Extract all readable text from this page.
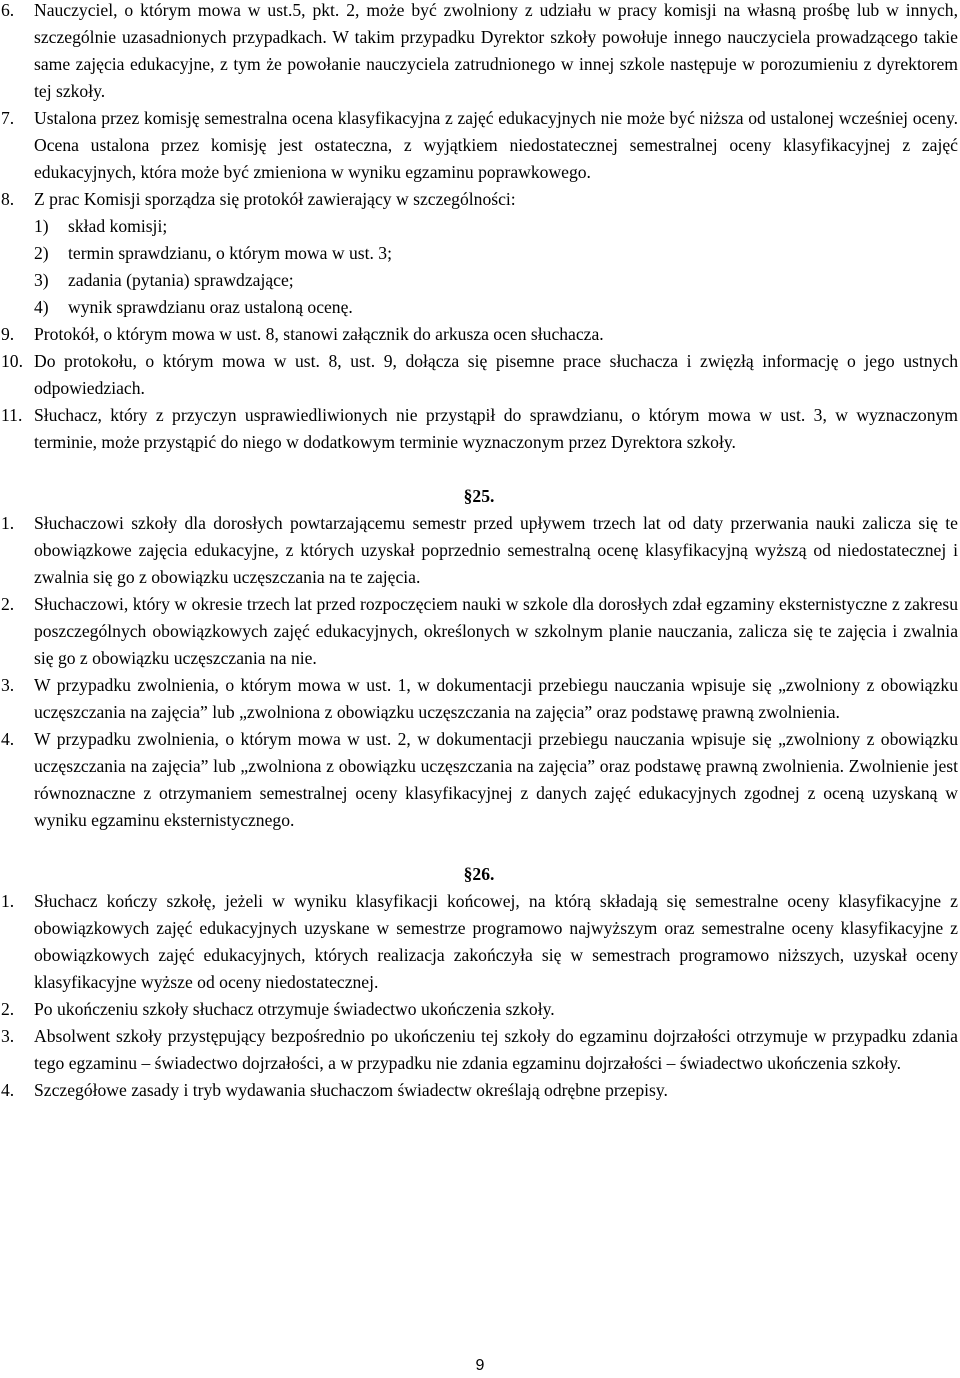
6.	Nauczyciel, o którym mowa w ust.5, pkt. 2, może być zwolniony z udziału w pracy komisji na własną prośbę lub w innych, szczególnie uzasadnionych przypadkach. W takim przypadku Dyrektor szkoły powołuje innego nauczyciela prowadzącego takie same zajęcia edukacyjne, z tym że powołanie nauczyciela zatrudnionego w innej szkole następuje w porozumieniu z dyrektorem tej szkoły.
7.	Ustalona przez komisję semestralna ocena klasyfikacyjna z zajęć edukacyjnych nie może być niższa od ustalonej wcześniej oceny. Ocena ustalona przez komisję jest ostateczna, z wyjątkiem niedostatecznej semestralnej oceny klasyfikacyjnej z zajęć edukacyjnych, która może być zmieniona w wyniku egzaminu poprawkowego.
8.	Z prac Komisji sporządza się protokół zawierający w szczególności:
1)	skład komisji;
2)	termin sprawdzianu, o którym mowa w ust. 3;
3)	zadania (pytania) sprawdzające;
4)	wynik sprawdzianu oraz ustaloną ocenę.
9.	Protokół, o którym mowa w ust. 8, stanowi załącznik do arkusza ocen słuchacza.
10. Do protokołu, o którym mowa w ust. 8, ust. 9, dołącza się pisemne prace słuchacza i zwięzłą informację o jego ustnych odpowiedziach.
11. Słuchacz, który z przyczyn usprawiedliwionych nie przystąpił do sprawdzianu, o którym mowa w ust. 3, w wyznaczonym terminie, może przystąpić do niego w dodatkowym terminie wyznaczonym przez Dyrektora szkoły.
§25.
1.	Słuchaczowi szkoły dla dorosłych powtarzającemu semestr przed upływem trzech lat od daty przerwania nauki zalicza się te obowiązkowe zajęcia edukacyjne, z których uzyskał poprzednio semestralną ocenę klasyfikacyjną wyższą od niedostatecznej i zwalnia się go z obowiązku uczęszczania na te zajęcia.
2.	Słuchaczowi, który w okresie trzech lat przed rozpoczęciem nauki w szkole dla dorosłych zdał egzaminy eksternistyczne z zakresu poszczególnych obowiązkowych zajęć edukacyjnych, określonych w szkolnym planie nauczania, zalicza się te zajęcia i zwalnia się go z obowiązku uczęszczania na nie.
3.	W przypadku zwolnienia, o którym mowa w ust. 1, w dokumentacji przebiegu nauczania wpisuje się „zwolniony z obowiązku uczęszczania na zajęcia” lub „zwolniona z obowiązku uczęszczania na zajęcia” oraz podstawę prawną zwolnienia.
4.	W przypadku zwolnienia, o którym mowa w ust. 2, w dokumentacji przebiegu nauczania wpisuje się „zwolniony z obowiązku uczęszczania na zajęcia” lub „zwolniona z obowiązku uczęszczania na zajęcia” oraz podstawę prawną zwolnienia. Zwolnienie jest równoznaczne z otrzymaniem semestralnej oceny klasyfikacyjnej z danych zajęć edukacyjnych zgodnej z oceną uzyskaną w wyniku egzaminu eksternistycznego.
§26.
1.	Słuchacz kończy szkołę, jeżeli w wyniku klasyfikacji końcowej, na którą składają się semestralne oceny klasyfikacyjne z obowiązkowych zajęć edukacyjnych uzyskane w semestrze programowo najwyższym oraz semestralne oceny klasyfikacyjne z obowiązkowych zajęć edukacyjnych, których realizacja zakończyła się w semestrach programowo niższych, uzyskał oceny klasyfikacyjne wyższe od oceny niedostatecznej.
2.	Po ukończeniu szkoły słuchacz otrzymuje świadectwo ukończenia szkoły.
3.	Absolwent szkoły przystępujący bezpośrednio po ukończeniu tej szkoły do egzaminu dojrzałości otrzymuje w przypadku zdania tego egzaminu – świadectwo dojrzałości, a w przypadku nie zdania egzaminu dojrzałości – świadectwo ukończenia szkoły.
4.	Szczegółowe zasady i tryb wydawania słuchaczom świadectw określają odrębne przepisy.
9
